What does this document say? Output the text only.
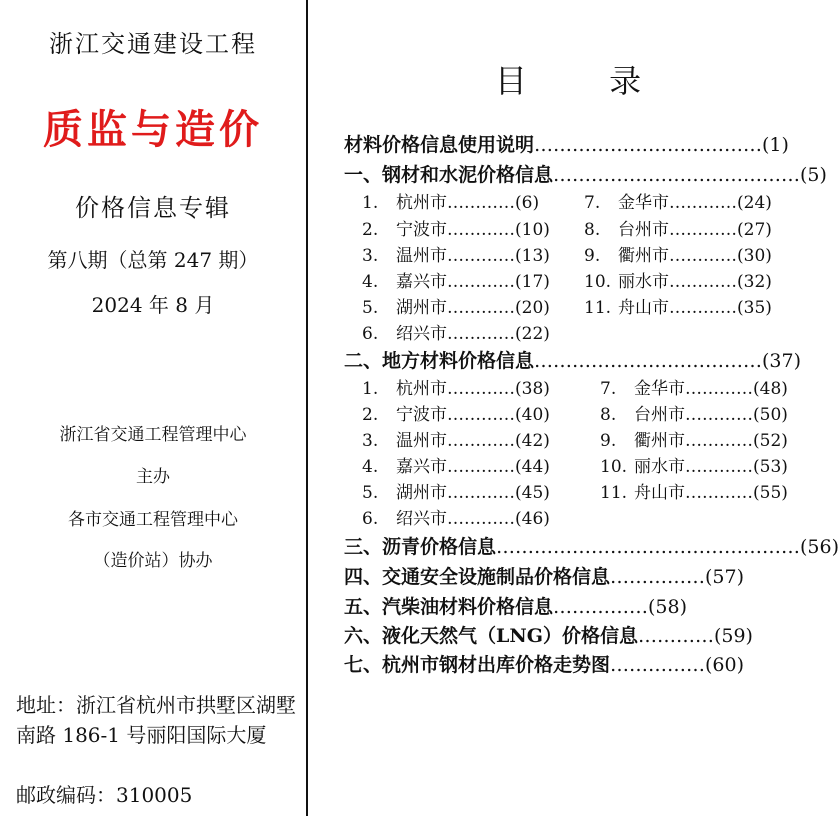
浙江交通建设工程
质监与造价
价格信息专辑
第八期（总第 247 期）
2024 年 8 月
浙江省交通工程管理中心
主办
各市交通工程管理中心
（造价站）协办
地址：浙江省杭州市拱墅区湖墅南路 186-1 号丽阳国际大厦
邮政编码：310005
目 录
材料价格信息使用说明………………………………(1)
一、钢材和水泥价格信息…………………………………(5)
1. 杭州市…………(6)
2. 宁波市…………(10)
3. 温州市…………(13)
4. 嘉兴市…………(17)
5. 湖州市…………(20)
6. 绍兴市…………(22)
7. 金华市…………(24)
8. 台州市…………(27)
9. 衢州市…………(30)
10. 丽水市…………(32)
11. 舟山市…………(35)
二、地方材料价格信息………………………………(37)
1. 杭州市…………(38)
2. 宁波市…………(40)
3. 温州市…………(42)
4. 嘉兴市…………(44)
5. 湖州市…………(45)
6. 绍兴市…………(46)
7. 金华市…………(48)
8. 台州市…………(50)
9. 衢州市…………(52)
10. 丽水市…………(53)
11. 舟山市…………(55)
三、沥青价格信息…………………………………………(56)
四、交通安全设施制品价格信息……………(57)
五、汽柴油材料价格信息……………(58)
六、液化天然气（LNG）价格信息…………(59)
七、杭州市钢材出库价格走势图……………(60)
